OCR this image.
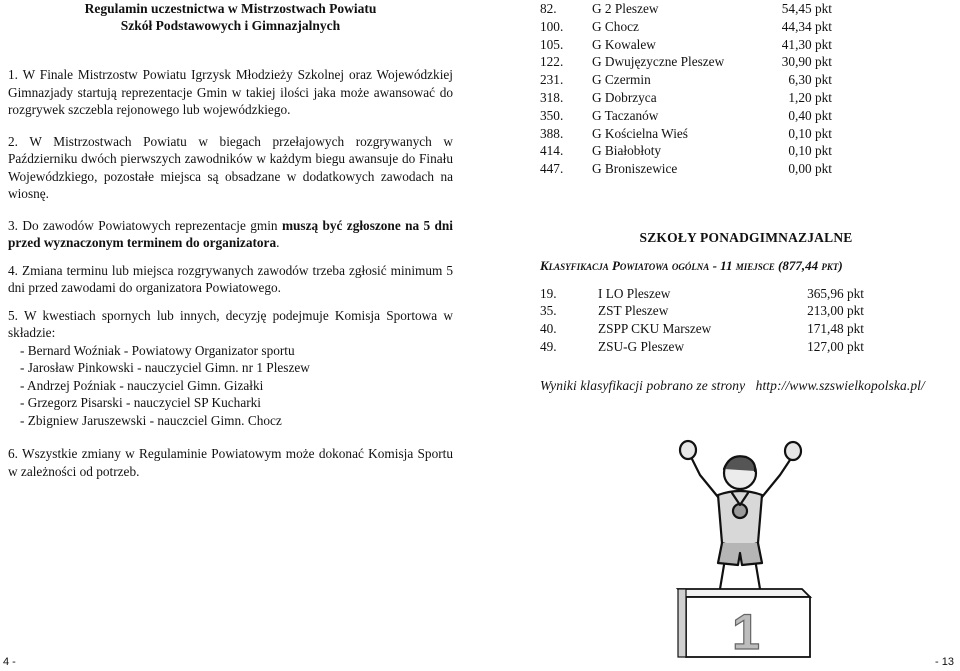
Regulamin uczestnictwa w Mistrzostwach Powiatu
Szkół Podstawowych i Gimnazjalnych

1. W Finale Mistrzostw Powiatu Igrzysk Młodzieży Szkolnej oraz Wojewódzkiej Gimnazjady startują reprezentacje Gmin w takiej ilości jaka może awansować do rozgrywek szczebla rejonowego lub wojewódzkiego.

2. W Mistrzostwach Powiatu w biegach przełajowych rozgrywanych w Październiku dwóch pierwszych zawodników w każdym biegu awansuje do Finału Wojewódzkiego, pozostałe miejsca są obsadzane w dodatkowych zawodach na wiosnę.

3. Do zawodów Powiatowych reprezentacje gmin muszą być zgłoszone na 5 dni przed wyznaczonym terminem do organizatora.

4. Zmiana terminu lub miejsca rozgrywanych zawodów trzeba zgłosić minimum 5 dni przed zawodami do organizatora Powiatowego.

5. W kwestiach spornych lub innych, decyzję podejmuje Komisja Sportowa w składzie:

- Bernard Woźniak - Powiatowy Organizator sportu
- Jarosław Pinkowski - nauczyciel Gimn. nr 1 Pleszew
- Andrzej Poźniak - nauczyciel Gimn. Gizałki
- Grzegorz Pisarski - nauczyciel SP Kucharki
- Zbigniew Jaruszewski - nauczciel Gimn. Chocz

6. Wszystkie zmiany w Regulaminie Powiatowym może dokonać Komisja Sportu w zależności od potrzeb.

82.	G 2 Pleszew	54,45 pkt
100.	G Chocz	44,34 pkt
105.	G Kowalew	41,30 pkt
122.	G Dwujęzyczne Pleszew	30,90 pkt
231.	G Czermin	6,30 pkt
318.	G Dobrzyca	1,20 pkt
350.	G Taczanów	0,40 pkt
388.	G Kościelna Wieś	0,10 pkt
414.	G Białobłoty	0,10 pkt
447.	G Broniszewice	0,00 pkt
SZKOŁY PONADGIMNAZJALNE
Klasyfikacja Powiatowa ogólna - 11 miejsce (877,44 pkt)
19.	I LO Pleszew	365,96 pkt
35.	ZST Pleszew	213,00 pkt
40.	ZSPP CKU Marszew	171,48 pkt
49.	ZSU-G Pleszew	127,00 pkt
Wyniki klasyfikacji pobrano ze strony http://www.szswielkopolska.pl/
1
4 -	- 13
